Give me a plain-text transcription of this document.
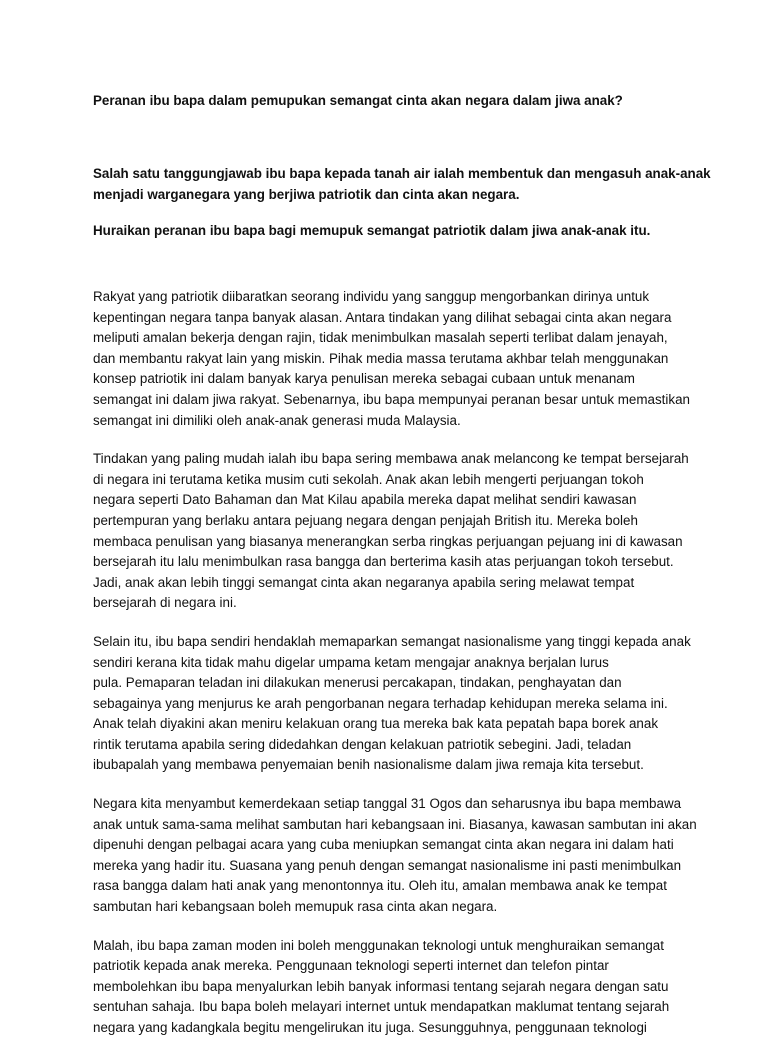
Peranan ibu bapa dalam pemupukan semangat cinta akan negara dalam jiwa anak?
Salah satu tanggungjawab ibu bapa kepada tanah air ialah membentuk dan mengasuh anak-anak
menjadi warganegara yang berjiwa patriotik dan cinta akan negara.
Huraikan peranan ibu bapa bagi memupuk semangat patriotik dalam jiwa anak-anak itu.
Rakyat yang patriotik diibaratkan seorang individu yang sanggup mengorbankan dirinya untuk
kepentingan negara tanpa banyak alasan. Antara tindakan yang dilihat sebagai cinta akan negara
meliputi amalan bekerja dengan rajin, tidak menimbulkan masalah seperti terlibat dalam jenayah,
dan membantu rakyat lain yang miskin. Pihak media massa terutama akhbar telah menggunakan
konsep patriotik ini dalam banyak karya penulisan mereka sebagai cubaan untuk menanam
semangat ini dalam jiwa rakyat. Sebenarnya, ibu bapa mempunyai peranan besar untuk memastikan
semangat ini dimiliki oleh anak-anak generasi muda Malaysia.
Tindakan yang paling mudah ialah ibu bapa sering membawa anak melancong ke tempat bersejarah
di negara ini terutama ketika musim cuti sekolah. Anak akan lebih mengerti perjuangan tokoh
negara seperti Dato Bahaman dan Mat Kilau apabila mereka dapat melihat sendiri kawasan
pertempuran yang berlaku antara pejuang negara dengan penjajah British itu. Mereka boleh
membaca penulisan yang biasanya menerangkan serba ringkas perjuangan pejuang ini di kawasan
bersejarah itu lalu menimbulkan rasa bangga dan berterima kasih atas perjuangan tokoh tersebut.
Jadi, anak akan lebih tinggi semangat cinta akan negaranya apabila sering melawat tempat
bersejarah di negara ini.
Selain itu, ibu bapa sendiri hendaklah memaparkan semangat nasionalisme yang tinggi kepada anak
sendiri kerana kita tidak mahu digelar umpama ketam mengajar anaknya berjalan lurus
pula. Pemaparan teladan ini dilakukan menerusi percakapan, tindakan, penghayatan dan
sebagainya yang menjurus ke arah pengorbanan negara terhadap kehidupan mereka selama ini.
Anak telah diyakini akan meniru kelakuan orang tua mereka bak kata pepatah bapa borek anak
rintik terutama apabila sering didedahkan dengan kelakuan patriotik sebegini. Jadi, teladan
ibubapalah yang membawa penyemaian benih nasionalisme dalam jiwa remaja kita tersebut.
Negara kita menyambut kemerdekaan setiap tanggal 31 Ogos dan seharusnya ibu bapa membawa
anak untuk sama-sama melihat sambutan hari kebangsaan ini. Biasanya, kawasan sambutan ini akan
dipenuhi dengan pelbagai acara yang cuba meniupkan semangat cinta akan negara ini dalam hati
mereka yang hadir itu. Suasana yang penuh dengan semangat nasionalisme ini pasti menimbulkan
rasa bangga dalam hati anak yang menontonnya itu. Oleh itu, amalan membawa anak ke tempat
sambutan hari kebangsaan boleh memupuk rasa cinta akan negara.
Malah, ibu bapa zaman moden ini boleh menggunakan teknologi untuk menghuraikan semangat
patriotik kepada anak mereka. Penggunaan teknologi seperti internet dan telefon pintar
membolehkan ibu bapa menyalurkan lebih banyak informasi tentang sejarah negara dengan satu
sentuhan sahaja. Ibu bapa boleh melayari internet untuk mendapatkan maklumat tentang sejarah
negara yang kadangkala begitu mengelirukan itu juga. Sesungguhnya, penggunaan teknologi
